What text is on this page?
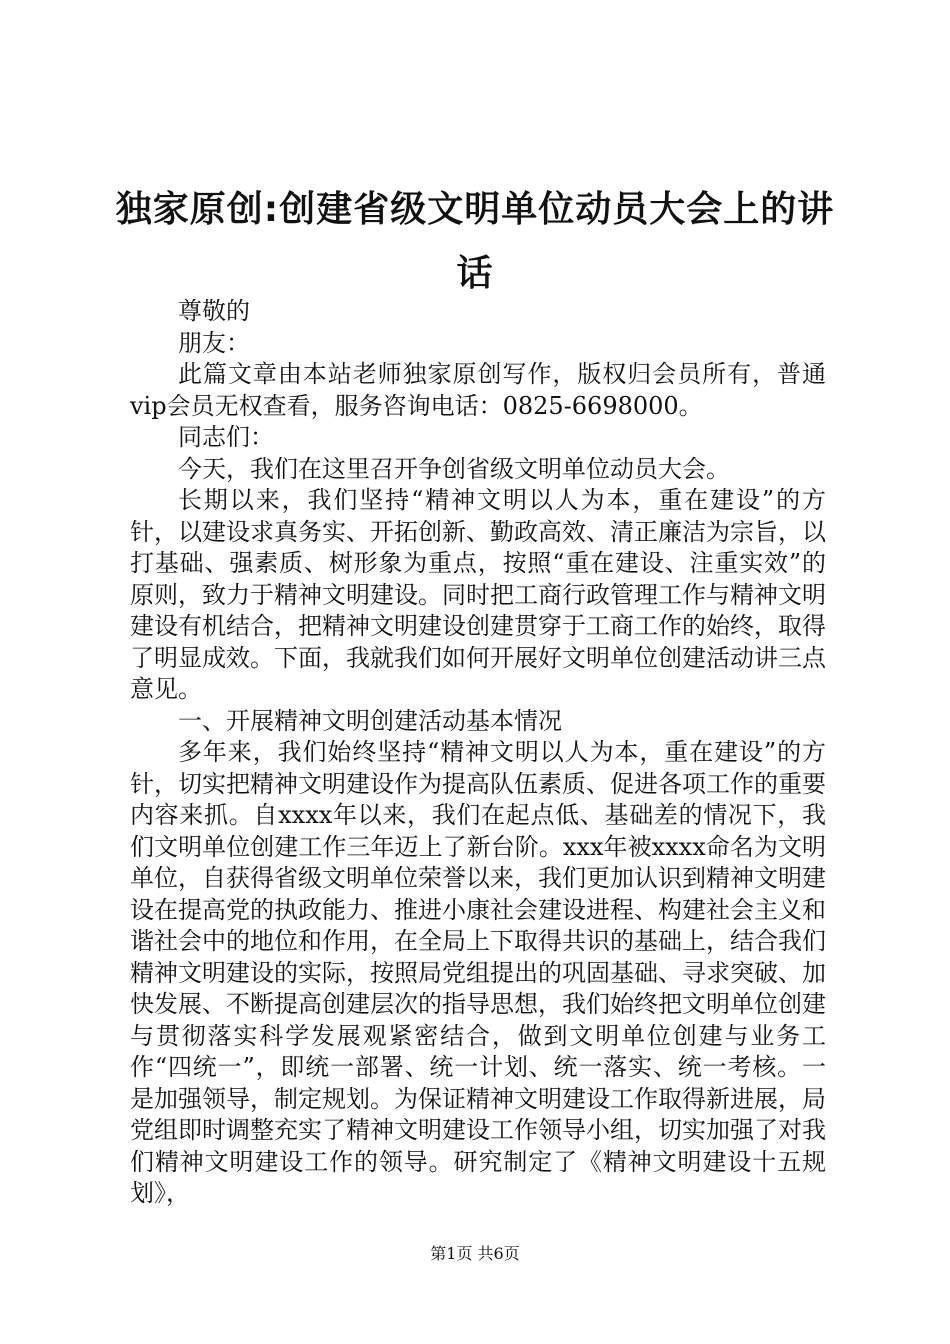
独家原创:创建省级文明单位动员大会上的讲
话

尊敬的

朋友：

此篇文章由本站老师独家原创写作，版权归会员所有，普通vip会员无权查看，服务咨询电话：0825-6698000。

同志们：

今天，我们在这里召开争创省级文明单位动员大会。

长期以来，我们坚持“精神文明以人为本，重在建设”的方针，以建设求真务实、开拓创新、勤政高效、清正廉洁为宗旨，以打基础、强素质、树形象为重点，按照“重在建设、注重实效”的原则，致力于精神文明建设。同时把工商行政管理工作与精神文明建设有机结合，把精神文明建设创建贯穿于工商工作的始终，取得了明显成效。下面，我就我们如何开展好文明单位创建活动讲三点意见。

一、开展精神文明创建活动基本情况

多年来，我们始终坚持“精神文明以人为本，重在建设”的方针，切实把精神文明建设作为提高队伍素质、促进各项工作的重要内容来抓。自xxxx年以来，我们在起点低、基础差的情况下，我们文明单位创建工作三年迈上了新台阶。xxx年被xxxx命名为文明单位，自获得省级文明单位荣誉以来，我们更加认识到精神文明建设在提高党的执政能力、推进小康社会建设进程、构建社会主义和谐社会中的地位和作用，在全局上下取得共识的基础上，结合我们精神文明建设的实际，按照局党组提出的巩固基础、寻求突破、加快发展、不断提高创建层次的指导思想，我们始终把文明单位创建与贯彻落实科学发展观紧密结合，做到文明单位创建与业务工作“四统一”，即统一部署、统一计划、统一落实、统一考核。一是加强领导，制定规划。为保证精神文明建设工作取得新进展，局党组即时调整充实了精神文明建设工作领导小组，切实加强了对我们精神文明建设工作的领导。研究制定了《精神文明建设十五规划》，

第1页 共6页
